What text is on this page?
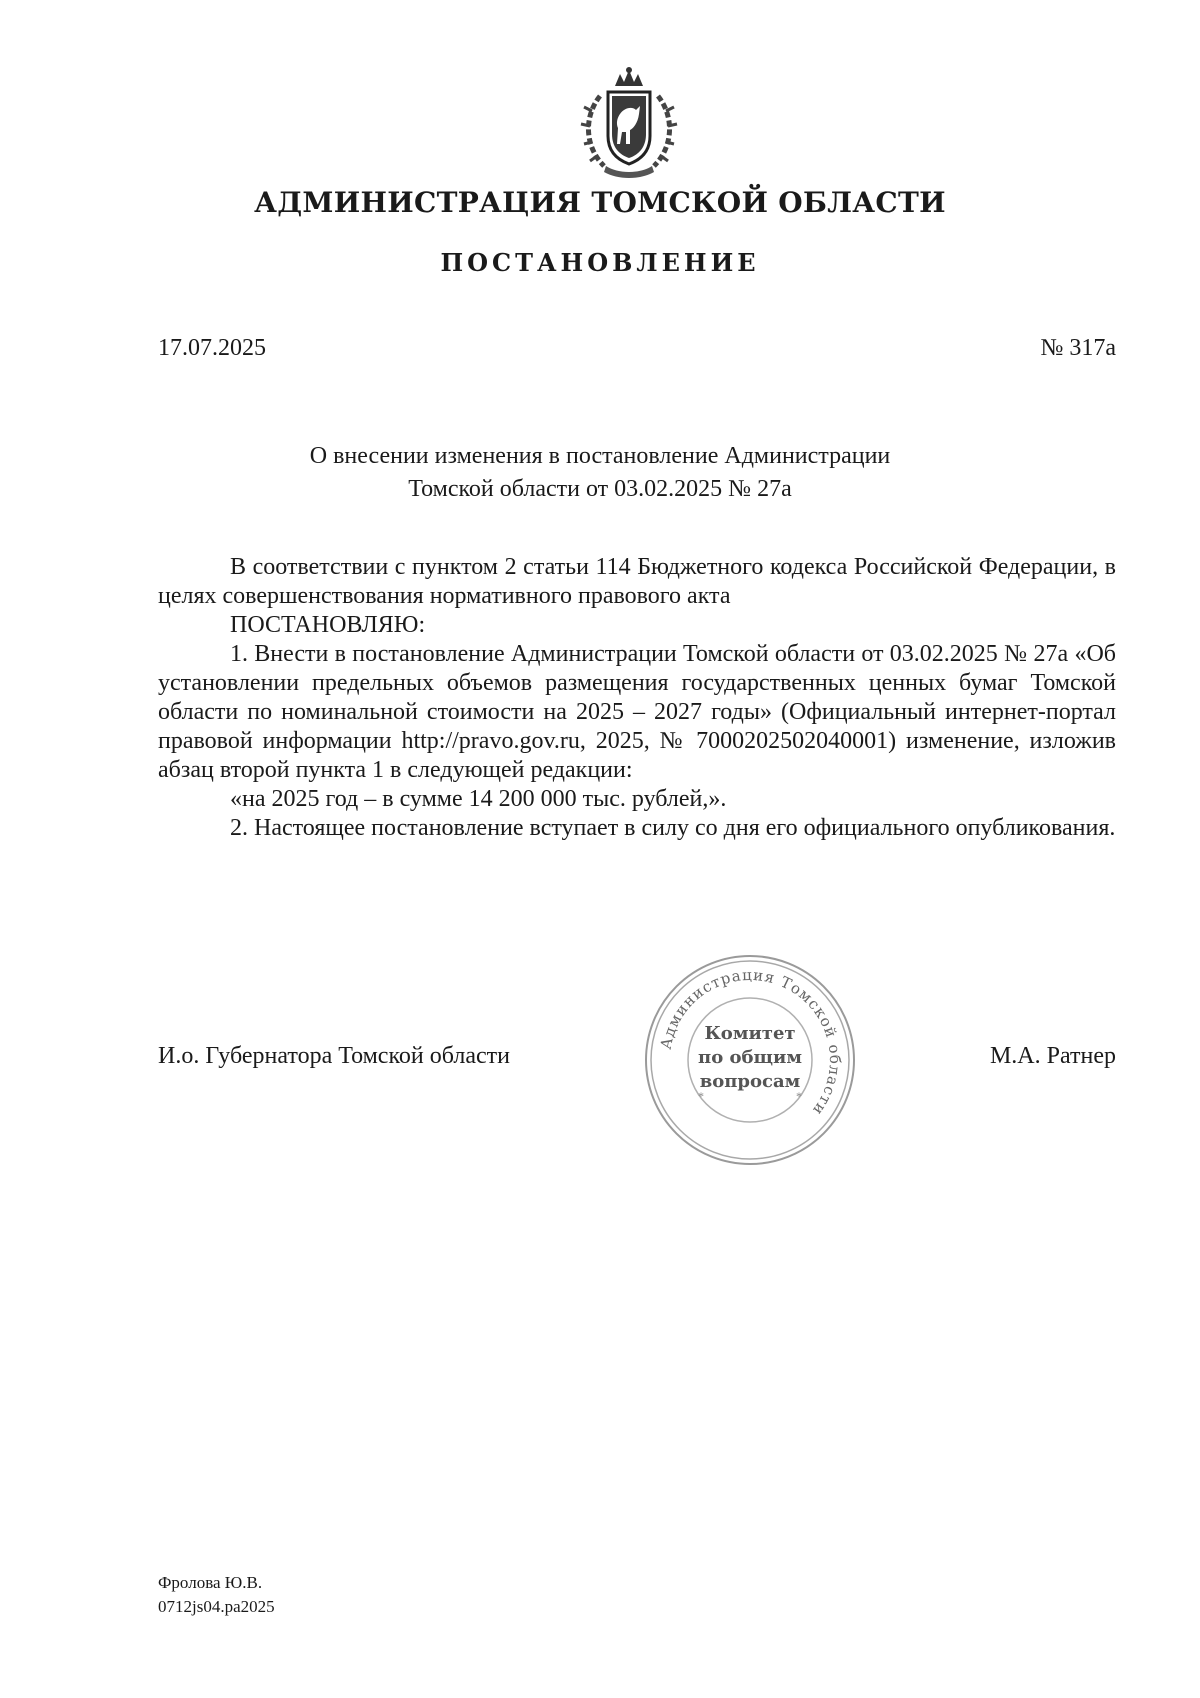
АДМИНИСТРАЦИЯ ТОМСКОЙ ОБЛАСТИ
ПОСТАНОВЛЕНИЕ
17.07.2025	№ 317а
О внесении изменения в постановление Администрации
Томской области от 03.02.2025 № 27а

В соответствии с пунктом 2 статьи 114 Бюджетного кодекса Российской Федерации, в целях совершенствования нормативного правового акта

ПОСТАНОВЛЯЮ:

1. Внести в постановление Администрации Томской области от 03.02.2025 № 27а «Об установлении предельных объемов размещения государственных ценных бумаг Томской области по номинальной стоимости на 2025 – 2027 годы» (Официальный интернет-портал правовой информации http://pravo.gov.ru, 2025, № 7000202502040001) изменение, изложив абзац второй пункта 1 в следующей редакции:

«на 2025 год – в сумме 14 200 000 тыс. рублей,».

2. Настоящее постановление вступает в силу со дня его официального опубликования.

И.о. Губернатора Томской области	М.А. Ратнер
Администрация Томской области
*	*
Комитет
по общим
вопросам
Фролова Ю.В.
0712js04.ра2025
